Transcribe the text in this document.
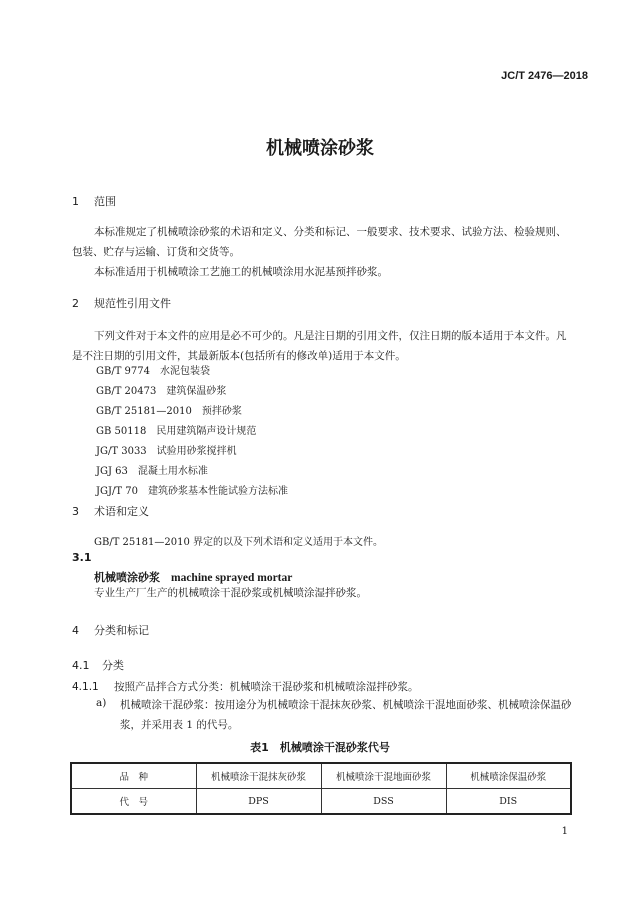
JC/T 2476—2018
机械喷涂砂浆
1 范围
本标准规定了机械喷涂砂浆的术语和定义、分类和标记、一般要求、技术要求、试验方法、检验规则、包装、贮存与运输、订货和交货等。
本标准适用于机械喷涂工艺施工的机械喷涂用水泥基预拌砂浆。
2 规范性引用文件
下列文件对于本文件的应用是必不可少的。凡是注日期的引用文件，仅注日期的版本适用于本文件。凡是不注日期的引用文件，其最新版本(包括所有的修改单)适用于本文件。
GB/T 9774　水泥包装袋
GB/T 20473　建筑保温砂浆
GB/T 25181—2010　预拌砂浆
GB 50118　民用建筑隔声设计规范
JG/T 3033　试验用砂浆搅拌机
JGJ 63　混凝土用水标准
JGJ/T 70　建筑砂浆基本性能试验方法标准
3 术语和定义
GB/T 25181—2010 界定的以及下列术语和定义适用于本文件。
3.1
机械喷涂砂浆　 machine sprayed mortar
专业生产厂生产的机械喷涂干混砂浆或机械喷涂湿拌砂浆。
4 分类和标记
4.1 分类
4.1.1 按照产品拌合方式分类：机械喷涂干混砂浆和机械喷涂湿拌砂浆。
a) 机械喷涂干混砂浆：按用途分为机械喷涂干混抹灰砂浆、机械喷涂干混地面砂浆、机械喷涂保温砂浆，并采用表 1 的代号。
表1　机械喷涂干混砂浆代号
品　种	机械喷涂干混抹灰砂浆	机械喷涂干混地面砂浆	机械喷涂保温砂浆
代　号	DPS	DSS	DIS
1
